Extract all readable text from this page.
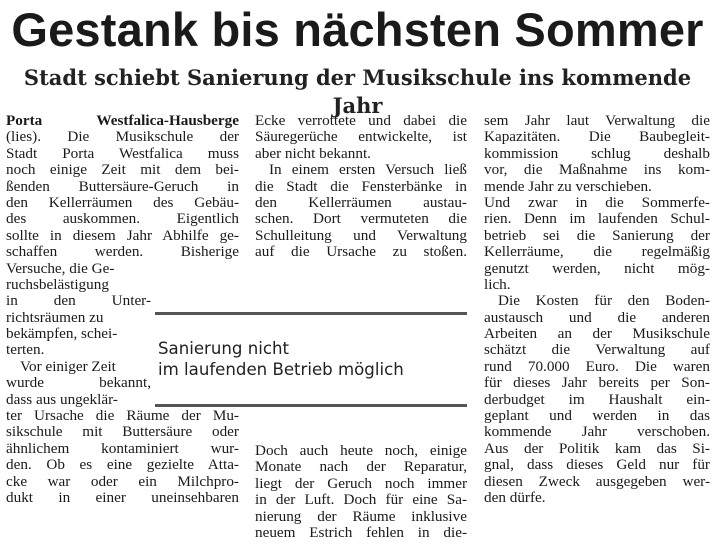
Gestank bis nächsten Sommer
Stadt schiebt Sanierung der Musikschule ins kommende Jahr
Porta Westfalica-Hausberge
(lies). Die Musikschule der
Stadt Porta Westfalica muss
noch einige Zeit mit dem bei-
ßenden Buttersäure-Geruch in
den Kellerräumen des Gebäu-
des auskommen. Eigentlich
sollte in diesem Jahr Abhilfe ge-
schaffen werden. Bisherige
Versuche, die Ge-
ruchsbelästigung
in den Unter-
richtsräumen zu
bekämpfen, schei-
terten.
Vor einiger Zeit
wurde bekannt,
dass aus ungeklär-
ter Ursache die Räume der Mu-
sikschule mit Buttersäure oder
ähnlichem kontaminiert wur-
den. Ob es eine gezielte Atta-
cke war oder ein Milchpro-
dukt in einer uneinsehbaren
Ecke verrottete und dabei die
Säuregerüche entwickelte, ist
aber nicht bekannt.
In einem ersten Versuch ließ
die Stadt die Fensterbänke in
den Kellerräumen austau-
schen. Dort vermuteten die
Schulleitung und Verwaltung
auf die Ursache zu stoßen.
Sanierung nicht
im laufenden Betrieb möglich
Doch auch heute noch, einige
Monate nach der Reparatur,
liegt der Geruch noch immer
in der Luft. Doch für eine Sa-
nierung der Räume inklusive
neuem Estrich fehlen in die-
sem Jahr laut Verwaltung die
Kapazitäten. Die Baubegleit-
kommission schlug deshalb
vor, die Maßnahme ins kom-
mende Jahr zu verschieben.
Und zwar in die Sommerfe-
rien. Denn im laufenden Schul-
betrieb sei die Sanierung der
Kellerräume, die regelmäßig
genutzt werden, nicht mög-
lich.
Die Kosten für den Boden-
austausch und die anderen
Arbeiten an der Musikschule
schätzt die Verwaltung auf
rund 70.000 Euro. Die waren
für dieses Jahr bereits per Son-
derbudget im Haushalt ein-
geplant und werden in das
kommende Jahr verschoben.
Aus der Politik kam das Si-
gnal, dass dieses Geld nur für
diesen Zweck ausgegeben wer-
den dürfe.
